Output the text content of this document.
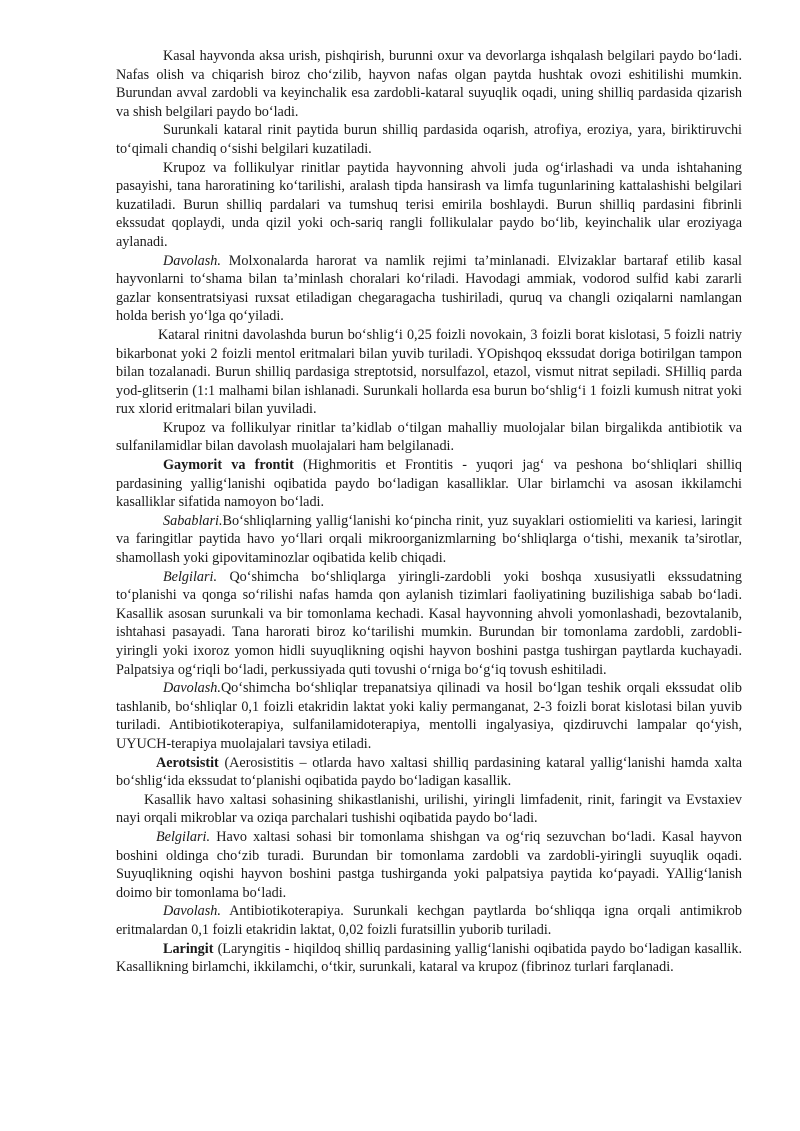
Kasal hayvonda aksa urish, pishqirish, burunni oxur va devorlarga ishqalash belgilari paydo bo‘ladi. Nafas olish va chiqarish biroz cho‘zilib, hayvon nafas olgan paytda hushtak ovozi eshitilishi mumkin. Burundan avval zardobli va keyinchalik esa zardobli-kataral suyuqlik oqadi, uning shilliq pardasida qizarish va shish belgilari paydo bo‘ladi.

Surunkali kataral rinit paytida burun shilliq pardasida oqarish, atrofiya, eroziya, yara, biriktiruvchi to‘qimali chandiq o‘sishi belgilari kuzatiladi.

Krupoz va follikulyar rinitlar paytida hayvonning ahvoli juda og‘irlashadi va unda ishtahaning pasayishi, tana haroratining ko‘tarilishi, aralash tipda hansirash va limfa tugunlarining kattalashishi belgilari kuzatiladi. Burun shilliq pardalari va tumshuq terisi emirila boshlaydi. Burun shilliq pardasini fibrinli ekssudat qoplaydi, unda qizil yoki och-sariq rangli follikulalar paydo bo‘lib, keyinchalik ular eroziyaga aylanadi.

Davolash. Molxonalarda harorat va namlik rejimi ta’minlanadi. Elvizaklar bartaraf etilib kasal hayvonlarni to‘shama bilan ta’minlash choralari ko‘riladi. Havodagi ammiak, vodorod sulfid kabi zararli gazlar konsentratsiyasi ruxsat etiladigan chegaragacha tushiriladi, quruq va changli oziqalarni namlangan holda berish yo‘lga qo‘yiladi.

Kataral rinitni davolashda burun bo‘shlig‘i 0,25 foizli novokain, 3 foizli borat kislotasi, 5 foizli natriy bikarbonat yoki 2 foizli mentol eritmalari bilan yuvib turiladi. YOpishqoq ekssudat doriga botirilgan tampon bilan tozalanadi. Burun shilliq pardasiga streptotsid, norsulfazol, etazol, vismut nitrat sepiladi. SHilliq parda yod-glitserin (1:1 malhami bilan ishlanadi. Surunkali hollarda esa burun bo‘shlig‘i 1 foizli kumush nitrat yoki rux xlorid eritmalari bilan yuviladi.

Krupoz va follikulyar rinitlar ta’kidlab o‘tilgan mahalliy muolojalar bilan birgalikda antibiotik va sulfanilamidlar bilan davolash muolajalari ham belgilanadi.

Gaymorit va frontit (Highmoritis et Frontitis - yuqori jag‘ va peshona bo‘shliqlari shilliq pardasining yallig‘lanishi oqibatida paydo bo‘ladigan kasalliklar. Ular birlamchi va asosan ikkilamchi kasalliklar sifatida namoyon bo‘ladi.

Sabablari.Bo‘shliqlarning yallig‘lanishi ko‘pincha rinit, yuz suyaklari ostiomieliti va kariesi, laringit va faringitlar paytida havo yo‘llari orqali mikroorganizmlarning bo‘shliqlarga o‘tishi, mexanik ta’sirotlar, shamollash yoki gipovitaminozlar oqibatida kelib chiqadi.

Belgilari. Qo‘shimcha bo‘shliqlarga yiringli-zardobli yoki boshqa xususiyatli ekssudatning to‘planishi va qonga so‘rilishi nafas hamda qon aylanish tizimlari faoliyatining buzilishiga sabab bo‘ladi. Kasallik asosan surunkali va bir tomonlama kechadi. Kasal hayvonning ahvoli yomonlashadi, bezovtalanib, ishtahasi pasayadi. Tana harorati biroz ko‘tarilishi mumkin. Burundan bir tomonlama zardobli, zardobli-yiringli yoki ixoroz yomon hidli suyuqlikning oqishi hayvon boshini pastga tushirgan paytlarda kuchayadi. Palpatsiya og‘riqli bo‘ladi, perkussiyada quti tovushi o‘rniga bo‘g‘iq tovush eshitiladi.

Davolash.Qo‘shimcha bo‘shliqlar trepanatsiya qilinadi va hosil bo‘lgan teshik orqali ekssudat olib tashlanib, bo‘shliqlar 0,1 foizli etakridin laktat yoki kaliy permanganat, 2-3 foizli borat kislotasi bilan yuvib turiladi. Antibiotikoterapiya, sulfanilamidoterapiya, mentolli ingalyasiya, qizdiruvchi lampalar qo‘yish, UYUCH-terapiya muolajalari tavsiya etiladi.

Aerotsistit (Aerosistitis – otlarda havo xaltasi shilliq pardasining kataral yallig‘lanishi hamda xalta bo‘shlig‘ida ekssudat to‘planishi oqibatida paydo bo‘ladigan kasallik.

Kasallik havo xaltasi sohasining shikastlanishi, urilishi, yiringli limfadenit, rinit, faringit va Evstaxiev nayi orqali mikroblar va oziqa parchalari tushishi oqibatida paydo bo‘ladi.

Belgilari. Havo xaltasi sohasi bir tomonlama shishgan va og‘riq sezuvchan bo‘ladi. Kasal hayvon boshini oldinga cho‘zib turadi. Burundan bir tomonlama zardobli va zardobli-yiringli suyuqlik oqadi. Suyuqlikning oqishi hayvon boshini pastga tushirganda yoki palpatsiya paytida ko‘payadi. YAllig‘lanish doimo bir tomonlama bo‘ladi.

Davolash. Antibiotikoterapiya. Surunkali kechgan paytlarda bo‘shliqqa igna orqali antimikrob eritmalardan 0,1 foizli etakridin laktat, 0,02 foizli furatsillin yuborib turiladi.

Laringit (Laryngitis - hiqildoq shilliq pardasining yallig‘lanishi oqibatida paydo bo‘ladigan kasallik. Kasallikning birlamchi, ikkilamchi, o‘tkir, surunkali, kataral va krupoz (fibrinoz turlari farqlanadi.
